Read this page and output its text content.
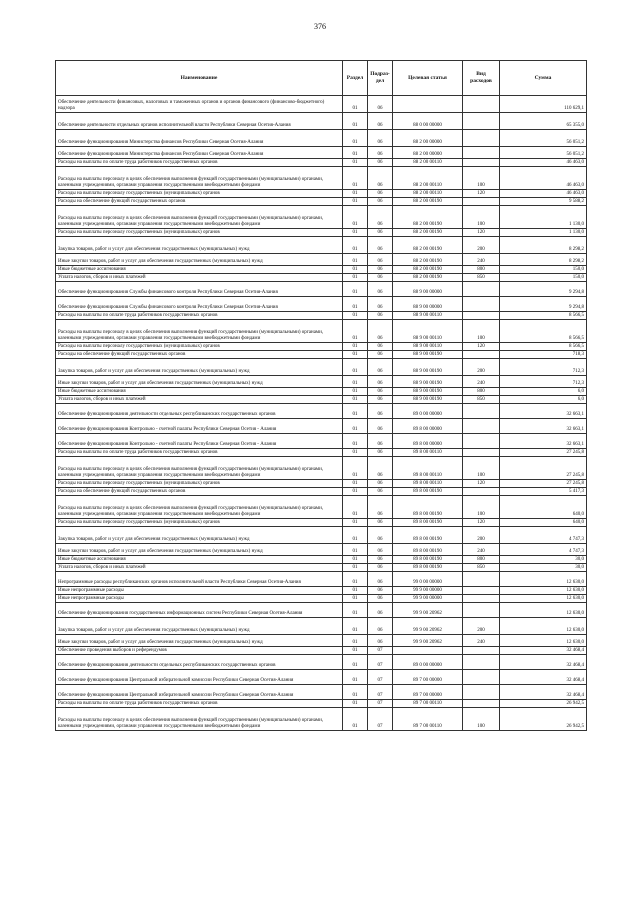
376
Наименование	Раздел	Подраз-дел	Целевая статья	Вид расходов	Сумма
Обеспечение деятельности финансовых, налоговых и таможенных органов и органов финансового (финансово-бюджетного) надзора	01	06			110 629,1
Обеспечение деятельности отдельных органов исполнительной власти Республики Северная Осетия-Алания	01	06	88 0 00 00000		65 355,0
Обеспечение функционирования Министерства финансов Республики Северная Осетия-Алания	01	06	88 2 00 00000		56 051,2
Обеспечение функционирования Министерства финансов Республики Северная Осетия-Алания	01	06	88 2 00 00000		56 051,2
Расходы на выплаты по оплате труда работников государственных органов	01	06	88 2 00 00110		46 463,0
Расходы на выплаты персоналу в целях обеспечения выполнения функций государственными (муниципальными) органами, казенными учреждениями, органами управления государственными внебюджетными фондами	01	06	88 2 00 00110	100	46 463,0
Расходы на выплаты персоналу государственных (муниципальных) органов	01	06	88 2 00 00110	120	46 463,0
Расходы на обеспечение функций государственных органов	01	06	88 2 00 00190		9 588,2
Расходы на выплаты персоналу в целях обеспечения выполнения функций государственными (муниципальными) органами, казенными учреждениями, органами управления государственными внебюджетными фондами	01	06	88 2 00 00190	100	1 130,0
Расходы на выплаты персоналу государственных (муниципальных) органов	01	06	88 2 00 00190	120	1 130,0
Закупка товаров, работ и услуг для обеспечения государственных (муниципальных) нужд	01	06	88 2 00 00190	200	8 298,2
Иные закупки товаров, работ и услуг для обеспечения государственных (муниципальных) нужд	01	06	88 2 00 00190	240	8 298,2
Иные бюджетные ассигнования	01	06	88 2 00 00190	800	150,0
Уплата налогов, сборов и иных платежей	01	06	88 2 00 00190	850	150,0
Обеспечение функционирования Службы финансового контроля Республики Северная Осетия-Алания	01	06	88 9 00 00000		9 294,8
Обеспечение функционирования Службы финансового контроля Республики Северная Осетия-Алания	01	06	88 9 00 00000		9 294,8
Расходы на выплаты по оплате труда работников государственных органов	01	06	88 9 00 00110		8 566,5
Расходы на выплаты персоналу в целях обеспечения выполнения функций государственными (муниципальными) органами, казенными учреждениями, органами управления государственными внебюджетными фондами	01	06	88 9 00 00110	100	8 566,5
Расходы на выплаты персоналу государственных (муниципальных) органов	01	06	88 9 00 00110	120	8 566,5
Расходы на обеспечение функций государственных органов	01	06	88 9 00 00190		718,3
Закупка товаров, работ и услуг для обеспечения государственных (муниципальных) нужд	01	06	88 9 00 00190	200	712,3
Иные закупки товаров, работ и услуг для обеспечения государственных (муниципальных) нужд	01	06	88 9 00 00190	240	712,3
Иные бюджетные ассигнования	01	06	88 9 00 00190	800	6,0
Уплата налогов, сборов и иных платежей	01	06	88 9 00 00190	850	6,0
Обеспечение функционирования деятельности отдельных республиканских государственных органов	01	06	89 0 00 00000		32 663,1
Обеспечение функционирования Контрольно - счетной палаты Республики Северная Осетия - Алания	01	06	89 8 00 00000		32 663,1
Обеспечение функционирования Контрольно - счетной палаты Республики Северная Осетия - Алания	01	06	89 8 00 00000		32 663,1
Расходы на выплаты по оплате труда работников государственных органов	01	06	89 8 00 00110		27 245,8
Расходы на выплаты персоналу в целях обеспечения выполнения функций государственными (муниципальными) органами, казенными учреждениями, органами управления государственными внебюджетными фондами	01	06	89 8 00 00110	100	27 245,8
Расходы на выплаты персоналу государственных (муниципальных) органов	01	06	89 8 00 00110	120	27 245,8
Расходы на обеспечение функций государственных органов	01	06	89 8 00 00190		5 417,3
Расходы на выплаты персоналу в целях обеспечения выполнения функций государственными (муниципальными) органами, казенными учреждениями, органами управления государственными внебюджетными фондами	01	06	89 8 00 00190	100	640,0
Расходы на выплаты персоналу государственных (муниципальных) органов	01	06	89 8 00 00190	120	640,0
Закупка товаров, работ и услуг для обеспечения государственных (муниципальных) нужд	01	06	89 8 00 00190	200	4 747,3
Иные закупки товаров, работ и услуг для обеспечения государственных (муниципальных) нужд	01	06	89 8 00 00190	240	4 747,3
Иные бюджетные ассигнования	01	06	89 8 00 00190	800	30,0
Уплата налогов, сборов и иных платежей	01	06	89 8 00 00190	850	30,0
Непрограммные расходы республиканских органов исполнительной власти Республики Северная Осетия-Алания	01	06	99 0 00 00000		12 630,0
Иные непрограммные расходы	01	06	99 9 00 00000		12 630,0
Иные непрограммные расходы	01	06	99 9 00 00000		12 630,0
Обеспечение функционирования государственных информационных систем Республики Северная Осетия-Алания	01	06	99 9 00 20962		12 630,0
Закупка товаров, работ и услуг для обеспечения государственных (муниципальных) нужд	01	06	99 9 00 20962	200	12 630,0
Иные закупки товаров, работ и услуг для обеспечения государственных (муниципальных) нужд	01	06	99 9 00 20962	240	12 630,0
Обеспечение проведения выборов и референдумов	01	07			32 468,4
Обеспечение функционирования деятельности отдельных республиканских государственных органов	01	07	89 0 00 00000		32 468,4
Обеспечение функционирования Центральной избирательной комиссии Республики Северная Осетия-Алания	01	07	89 7 00 00000		32 468,4
Обеспечение функционирования Центральной избирательной комиссии Республики Северная Осетия-Алания	01	07	89 7 00 00000		32 468,4
Расходы на выплаты по оплате труда работников государственных органов	01	07	89 7 00 00110		26 942,5
Расходы на выплаты персоналу в целях обеспечения выполнения функций государственными (муниципальными) органами, казенными учреждениями, органами управления государственными внебюджетными фондами	01	07	89 7 00 00110	100	26 942,5
